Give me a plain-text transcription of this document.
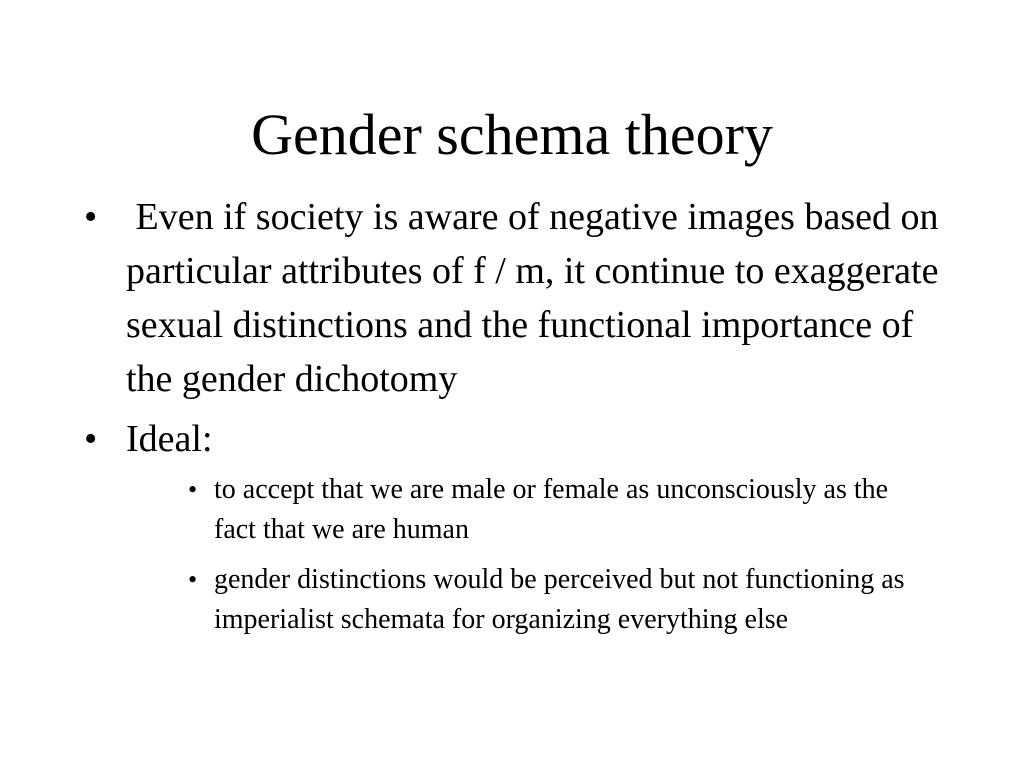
Gender schema theory
• Even if society is aware of negative images based on particular attributes of f / m, it continue to exaggerate sexual distinctions and the functional importance of the gender dichotomy
• Ideal:
• to accept that we are male or female as unconsciously as the fact that we are human
• gender distinctions would be perceived but not functioning as imperialist schemata for organizing everything else
